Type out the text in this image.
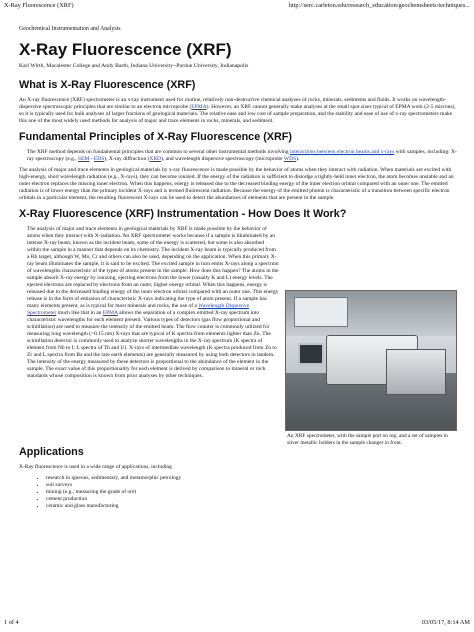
X-Ray Fluorescence (XRF)	http://serc.carleton.edu/research_education/geochemsheets/techniques...
Geochemical Instrumentation and Analysis
X-Ray Fluorescence (XRF)
Karl Wirth, Macalester College and Andy Barth, Indiana University~Purdue University, Indianapolis
What is X-Ray Fluorescence (XRF)

An X-ray fluorescence (XRF) spectrometer is an x-ray instrument used for routine, relatively non-destructive chemical analyses of rocks, minerals, sediments and fluids. It works on wavelength-dispersive spectroscopic principles that are similar to an electron microprobe (EPMA). However, an XRF cannot generally make analyses at the small spot sizes typical of EPMA work (2-5 microns), so it is typically used for bulk analyses of larger fractions of geological materials. The relative ease and low cost of sample preparation, and the stability and ease of use of x-ray spectrometers make this one of the most widely used methods for analysis of major and trace elements in rocks, minerals, and sediment.

Fundamental Principles of X-Ray Fluorescence (XRF)

The XRF method depends on fundamental principles that are common to several other instrumental methods involving interactions between electron beams and x-rays with samples, including: X-ray spectroscopy (e.g., SEM - EDS), X-ray diffraction (XRD), and wavelength dispersive spectroscopy (microprobe WDS).

The analysis of major and trace elements in geological materials by x-ray fluorescence is made possible by the behavior of atoms when they interact with radiation. When materials are excited with high-energy, short wavelength radiation (e.g., X-rays), they can become ionized. If the energy of the radiation is sufficient to dislodge a tightly-held inner electron, the atom becomes unstable and an outer electron replaces the missing inner electron. When this happens, energy is released due to the decreased binding energy of the inner electron orbital compared with an outer one. The emitted radiation is of lower energy than the primary incident X-rays and is termed fluorescent radiation. Because the energy of the emitted photon is characteristic of a transition between specific electron orbitals in a particular element, the resulting fluorescent X-rays can be used to detect the abundances of elements that are present in the sample.

X-Ray Fluorescence (XRF) Instrumentation - How Does It Work?
An XRF spectrometer, with the sample port on top, and a set of samples in silver metallic holders in the sample changer in front.

The analysis of major and trace elements in geological materials by XRF is made possible by the behavior of atoms when they interact with X-radiation. An XRF spectrometer works because if a sample is illuminated by an intense X-ray beam, known as the incident beam, some of the energy is scattered, but some is also absorbed within the sample in a manner that depends on its chemistry. The incident X-ray beam is typically produced from a Rh target, although W, Mo, Cr and others can also be used, depending on the application. When this primary X-ray beam illuminates the sample, it is said to be excited. The excited sample in turn emits X-rays along a spectrum of wavelengths characteristic of the types of atoms present in the sample. How does this happen? The atoms in the sample absorb X-ray energy by ionizing, ejecting electrons from the lower (usually K and L) energy levels. The ejected electrons are replaced by electrons from an outer, higher energy orbital. When this happens, energy is released due to the decreased binding energy of the inner electron orbital compared with an outer one. This energy release is in the form of emission of characteristic X-rays indicating the type of atom present. If a sample has many elements present, as is typical for most minerals and rocks, the use of a Wavelength Dispersive Spectrometer much like that in an EPMA allows the separation of a complex emitted X-ray spectrum into characteristic wavelengths for each element present. Various types of detectors (gas flow proportional and scintillation) are used to measure the intensity of the emitted beam. The flow counter is commonly utilized for measuring long wavelength (>0.15 nm) X-rays that are typical of K spectra from elements lighter than Zn. The scintillation detector is commonly used to analyze shorter wavelengths in the X-ray spectrum (K spectra of element from Nb to I; L spectra of Th and U). X-rays of intermediate wavelength (K spectra produced from Zn to Zr and L spectra from Ba and the rare earth elements) are generally measured by using both detectors in tandem. The intensity of the energy measured by these detectors is proportional to the abundance of the element in the sample. The exact value of this proportionality for each element is derived by comparison to mineral or rock standards whose composition is known from prior analyses by other techniques.

Applications

X-Ray fluorescence is used in a wide range of applications, including

• research in igneous, sedimentary, and metamorphic petrology
• soil surveys
• mining (e.g., measuring the grade of ore)
• cement production
• ceramic and glass manufacturing
1 of 4	03/05/17, 8:14 AM
